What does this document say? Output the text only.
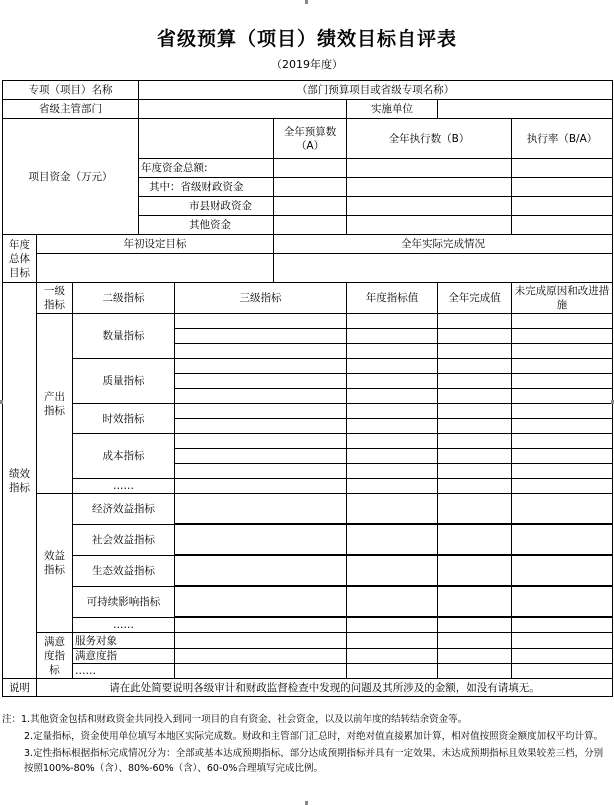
省级预算（项目）绩效目标自评表
（2019年度）
专项（项目）名称			（部门预算项目或省级专项名称）					
省级主管部门						实施单位		
项目资金（万元）					全年预算数（A）	全年执行数（B）		执行率（B/A）
			年度资金总额:					
			其中：省级财政资金					
			市县财政资金					
			其他资金					
年度总体目标	年初设定目标				全年实际完成情况			

绩效指标	一级指标	二级指标		三级指标		年度指标值	全年完成值	未完成原因和改进措施
	产出指标	数量指标						

		质量指标						

		时效指标						

		成本指标						

		……						
	效益指标	经济效益指标						

		社会效益指标						

		生态效益指标						

		可持续影响指标						

		……						
	满意度指标	服务对象						
		满意度指						
		……						
说明	请在此处简要说明各级审计和财政监督检查中发现的问题及其所涉及的金额，如没有请填无。							

注：1.其他资金包括和财政资金共同投入到同一项目的自有资金、社会资金，以及以前年度的结转结余资金等。

2.定量指标，资金使用单位填写本地区实际完成数。财政和主管部门汇总时，对绝对值直接累加计算，相对值按照资金额度加权平均计算。

3.定性指标根据指标完成情况分为：全部或基本达成预期指标、部分达成预期指标并具有一定效果、未达成预期指标且效果较差三档，分别按照100%-80%（含）、80%-60%（含）、60-0%合理填写完成比例。
